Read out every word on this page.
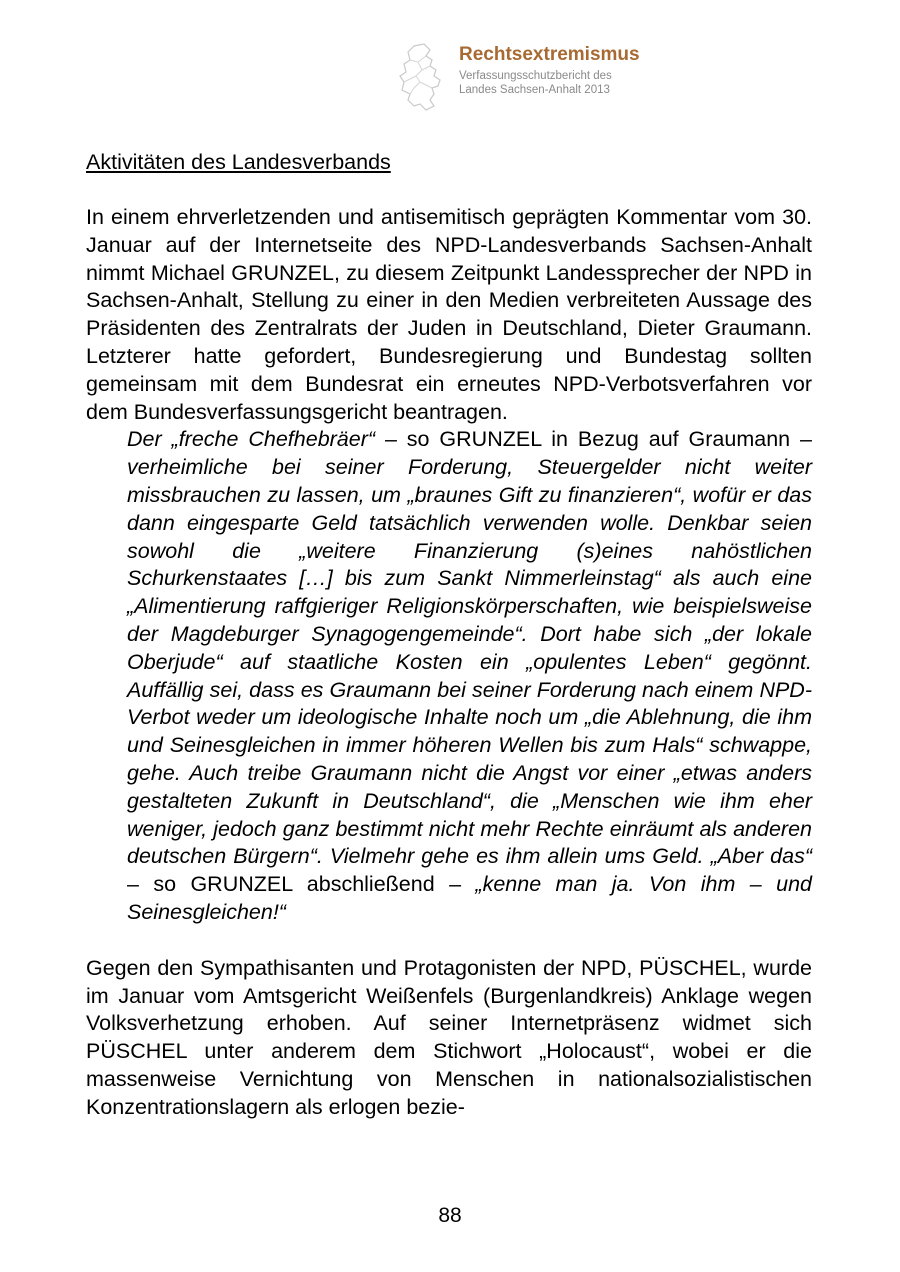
Rechtsextremismus
Verfassungsschutzbericht des
Landes Sachsen-Anhalt 2013
Aktivitäten des Landesverbands

In einem ehrverletzenden und antisemitisch geprägten Kommentar vom 30. Januar auf der Internetseite des NPD-Landesverbands Sachsen-Anhalt nimmt Michael GRUNZEL, zu diesem Zeitpunkt Landessprecher der NPD in Sachsen-Anhalt, Stellung zu einer in den Medien verbreiteten Aussage des Präsidenten des Zentralrats der Juden in Deutschland, Dieter Graumann. Letzterer hatte gefordert, Bundesregierung und Bundestag sollten gemeinsam mit dem Bundesrat ein erneutes NPD-Verbotsverfahren vor dem Bundesverfassungsgericht beantragen.

Der „freche Chefhebräer“ – so GRUNZEL in Bezug auf Graumann – verheimliche bei seiner Forderung, Steuergelder nicht weiter missbrauchen zu lassen, um „braunes Gift zu finanzieren“, wofür er das dann eingesparte Geld tatsächlich verwenden wolle. Denkbar seien sowohl die „weitere Finanzierung (s)eines nahöstlichen Schurkenstaates […] bis zum Sankt Nimmerleinstag“ als auch eine „Alimentierung raffgieriger Religionskörperschaften, wie beispielsweise der Magdeburger Synagogengemeinde“. Dort habe sich „der lokale Oberjude“ auf staatliche Kosten ein „opulentes Leben“ gegönnt. Auffällig sei, dass es Graumann bei seiner Forderung nach einem NPD-Verbot weder um ideologische Inhalte noch um „die Ablehnung, die ihm und Seinesgleichen in immer höheren Wellen bis zum Hals“ schwappe, gehe. Auch treibe Graumann nicht die Angst vor einer „etwas anders gestalteten Zukunft in Deutschland“, die „Menschen wie ihm eher weniger, jedoch ganz bestimmt nicht mehr Rechte einräumt als anderen deutschen Bürgern“. Vielmehr gehe es ihm allein ums Geld. „Aber das“ – so GRUNZEL abschließend – „kenne man ja. Von ihm – und Seinesgleichen!“

Gegen den Sympathisanten und Protagonisten der NPD, PÜSCHEL, wurde im Januar vom Amtsgericht Weißenfels (Burgenlandkreis) Anklage wegen Volksverhetzung erhoben. Auf seiner Internetpräsenz widmet sich PÜSCHEL unter anderem dem Stichwort „Holocaust“, wobei er die massenweise Vernichtung von Menschen in nationalsozialistischen Konzentrationslagern als erlogen bezie-

88
